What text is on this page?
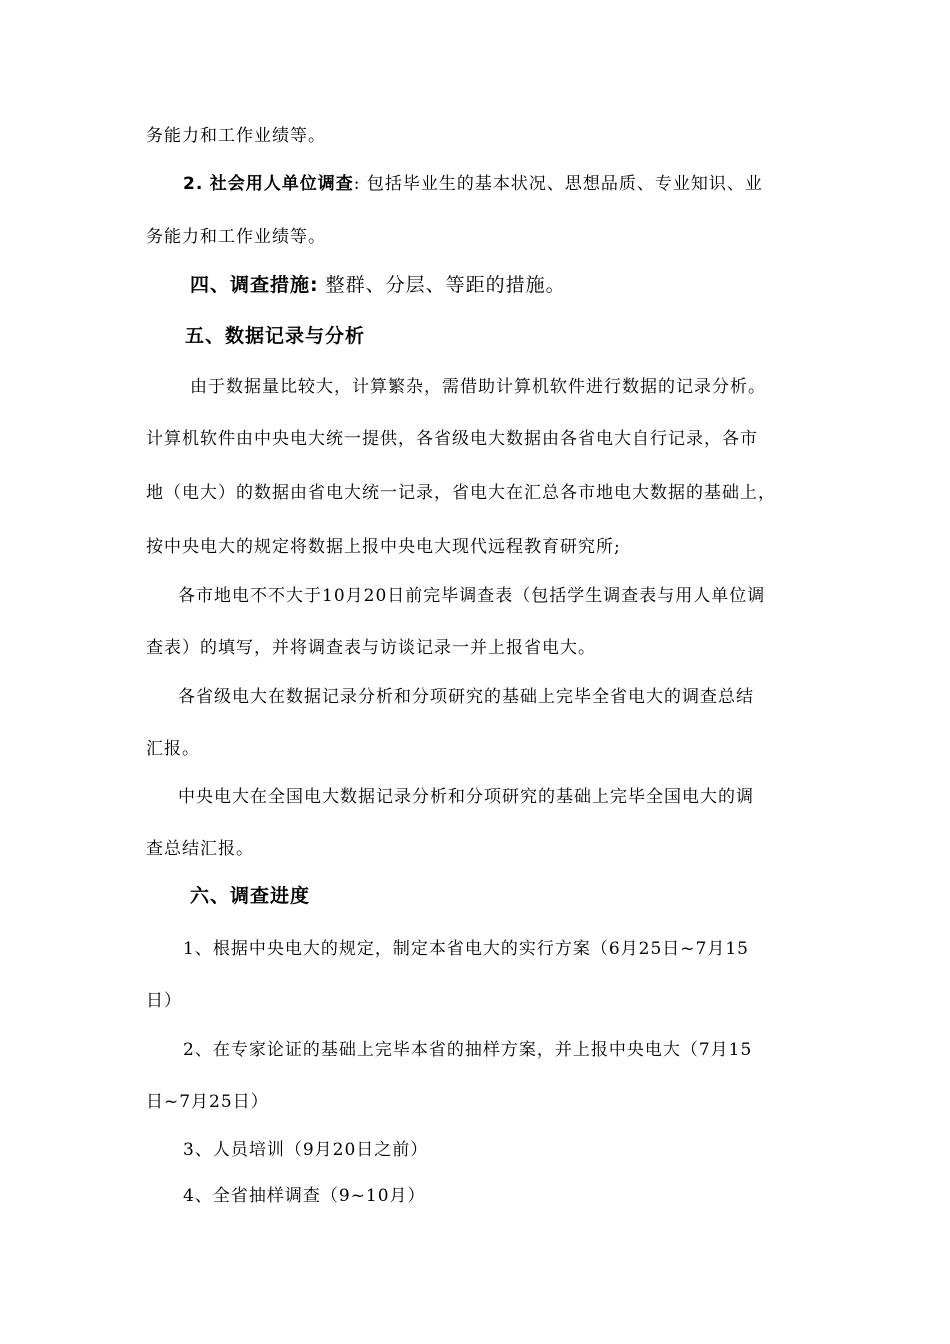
务能力和工作业绩等。
2. 社会用人单位调查: 包括毕业生的基本状况、思想品质、专业知识、业
务能力和工作业绩等。
四、调查措施: 整群、分层、等距的措施。
五、数据记录与分析
由于数据量比较大，计算繁杂，需借助计算机软件进行数据的记录分析。
计算机软件由中央电大统一提供，各省级电大数据由各省电大自行记录，各市
地（电大）的数据由省电大统一记录，省电大在汇总各市地电大数据的基础上，
按中央电大的规定将数据上报中央电大现代远程教育研究所;
各市地电不不大于10月20日前完毕调查表（包括学生调查表与用人单位调
查表）的填写，并将调查表与访谈记录一并上报省电大。
各省级电大在数据记录分析和分项研究的基础上完毕全省电大的调查总结
汇报。
中央电大在全国电大数据记录分析和分项研究的基础上完毕全国电大的调
查总结汇报。
六、调查进度
1、根据中央电大的规定，制定本省电大的实行方案（6月25日~7月15
日）
2、在专家论证的基础上完毕本省的抽样方案，并上报中央电大（7月15
日~7月25日）
3、人员培训（9月20日之前）
4、全省抽样调查（9~10月）
